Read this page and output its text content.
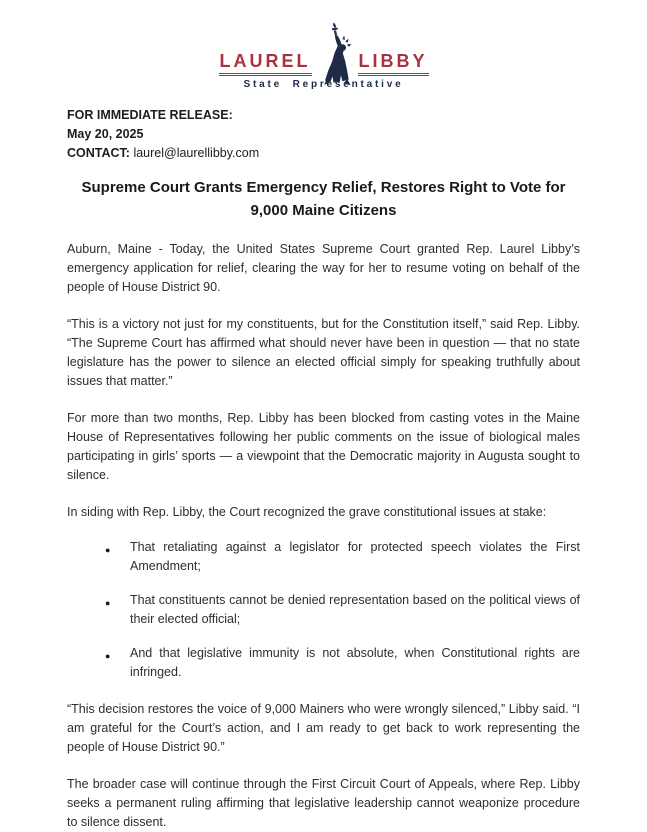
LAUREL	LIBBY
State Representative

FOR IMMEDIATE RELEASE:

May 20, 2025

CONTACT: laurel@laurellibby.com

Supreme Court Grants Emergency Relief, Restores Right to Vote for 9,000 Maine Citizens

Auburn, Maine - Today, the United States Supreme Court granted Rep. Laurel Libby’s emergency application for relief, clearing the way for her to resume voting on behalf of the people of House District 90.

“This is a victory not just for my constituents, but for the Constitution itself,” said Rep. Libby. “The Supreme Court has affirmed what should never have been in question — that no state legislature has the power to silence an elected official simply for speaking truthfully about issues that matter.”

For more than two months, Rep. Libby has been blocked from casting votes in the Maine House of Representatives following her public comments on the issue of biological males participating in girls’ sports — a viewpoint that the Democratic majority in Augusta sought to silence.

In siding with Rep. Libby, the Court recognized the grave constitutional issues at stake:

● That retaliating against a legislator for protected speech violates the First Amendment;
● That constituents cannot be denied representation based on the political views of their elected official;
● And that legislative immunity is not absolute, when Constitutional rights are infringed.

“This decision restores the voice of 9,000 Mainers who were wrongly silenced,” Libby said. “I am grateful for the Court’s action, and I am ready to get back to work representing the people of House District 90.”

The broader case will continue through the First Circuit Court of Appeals, where Rep. Libby seeks a permanent ruling affirming that legislative leadership cannot weaponize procedure to silence dissent.
